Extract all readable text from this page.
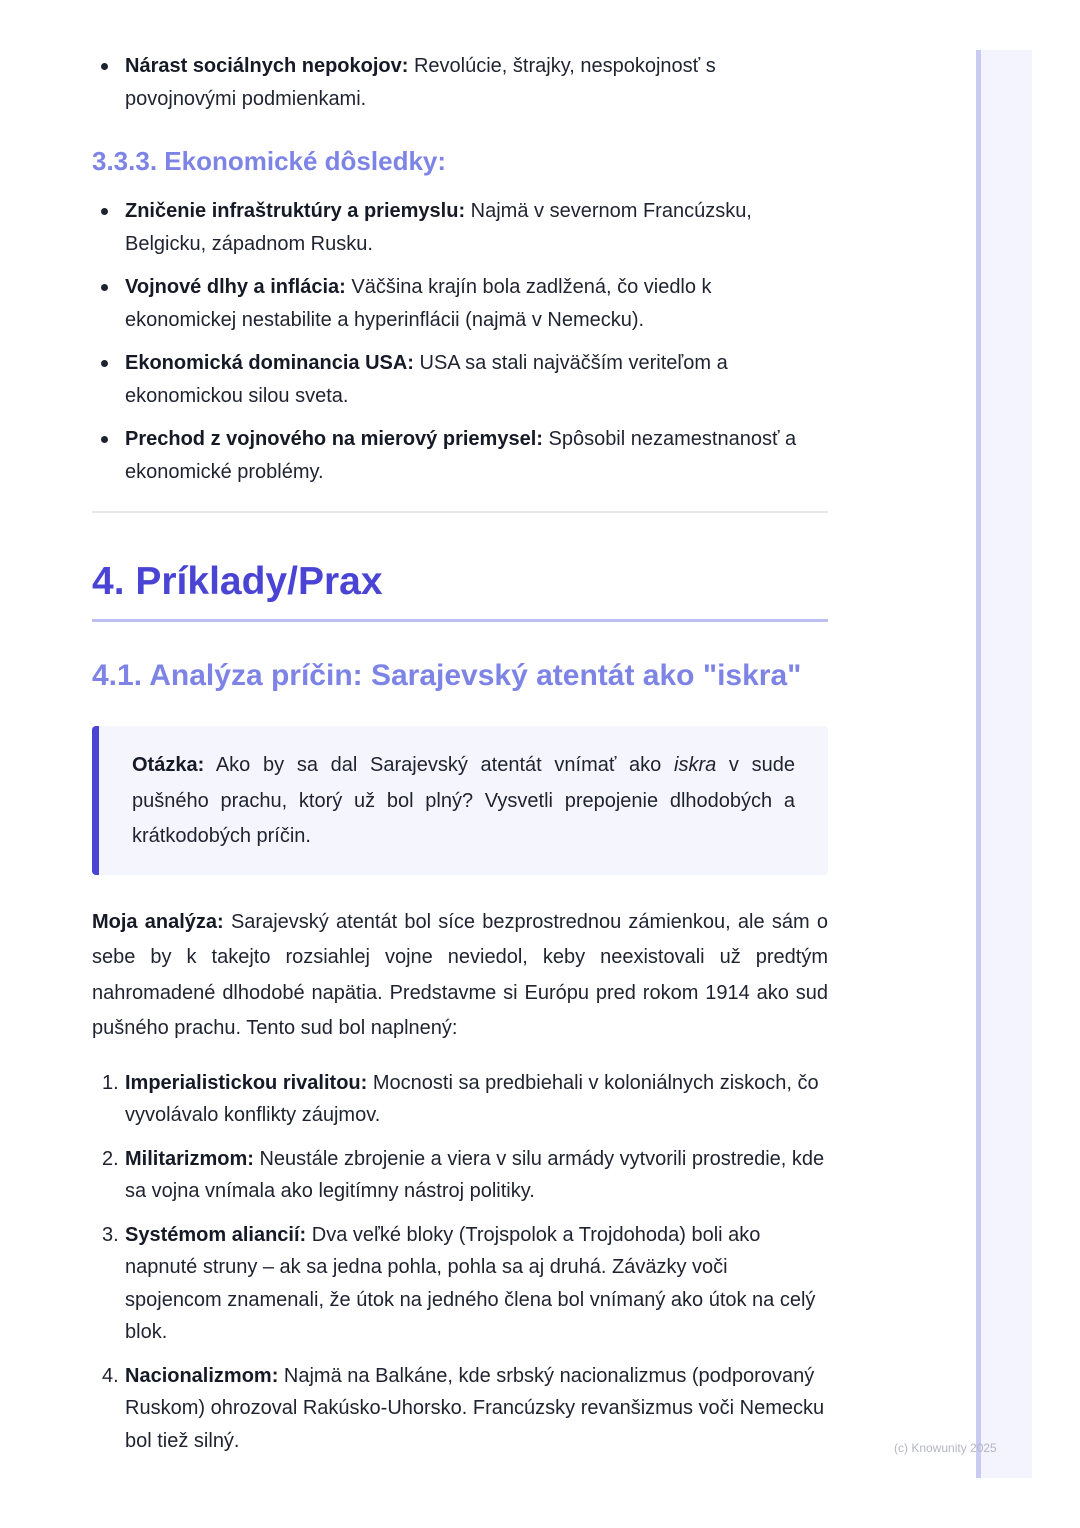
Nárast sociálnych nepokojov: Revolúcie, štrajky, nespokojnosť s povojnovými podmienkami.
3.3.3. Ekonomické dôsledky:
Zničenie infraštruktúry a priemyslu: Najmä v severnom Francúzsku, Belgicku, západnom Rusku.
Vojnové dlhy a inflácia: Väčšina krajín bola zadlžená, čo viedlo k ekonomickej nestabilite a hyperinflácii (najmä v Nemecku).
Ekonomická dominancia USA: USA sa stali najväčším veriteľom a ekonomickou silou sveta.
Prechod z vojnového na mierový priemysel: Spôsobil nezamestnanosť a ekonomické problémy.
4. Príklady/Prax
4.1. Analýza príčin: Sarajevský atentát ako "iskra"
Otázka: Ako by sa dal Sarajevský atentát vnímať ako iskra v sude pušného prachu, ktorý už bol plný? Vysvetli prepojenie dlhodobých a krátkodobých príčin.
Moja analýza: Sarajevský atentát bol síce bezprostrednou zámienkou, ale sám o sebe by k takejto rozsiahlej vojne neviedol, keby neexistovali už predtým nahromadené dlhodobé napätia. Predstavme si Európu pred rokom 1914 ako sud pušného prachu. Tento sud bol naplnený:
1. Imperialistickou rivalitou: Mocnosti sa predbiehali v koloniálnych ziskoch, čo vyvolávalo konflikty záujmov.
2. Militarizmom: Neustále zbrojenie a viera v silu armády vytvorili prostredie, kde sa vojna vnímala ako legitímny nástroj politiky.
3. Systémom aliancií: Dva veľké bloky (Trojspolok a Trojdohoda) boli ako napnuté struny – ak sa jedna pohla, pohla sa aj druhá. Záväzky voči spojencom znamenali, že útok na jedného člena bol vnímaný ako útok na celý blok.
4. Nacionalizmom: Najmä na Balkáne, kde srbský nacionalizmus (podporovaný Ruskom) ohrozoval Rakúsko-Uhorsko. Francúzsky revanšizmus voči Nemecku bol tiež silný.	(c) Knowunity 2025
